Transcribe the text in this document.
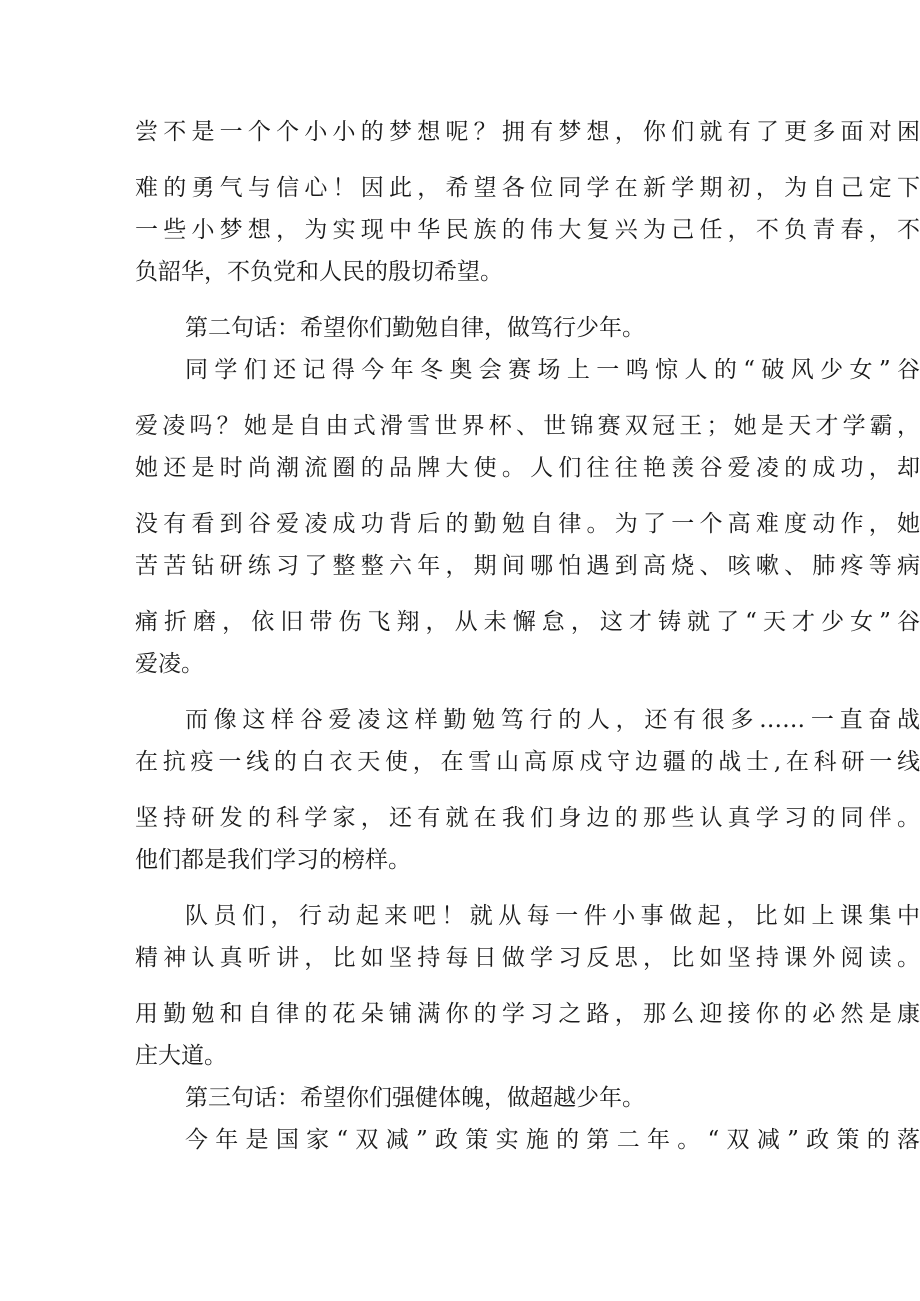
尝不是一个个小小的梦想呢？拥有梦想，你们就有了更多面对困
难的勇气与信心！因此，希望各位同学在新学期初，为自己定下
一些小梦想，为实现中华民族的伟大复兴为己任，不负青春，不
负韶华，不负党和人民的殷切希望。
第二句话：希望你们勤勉自律，做笃行少年。
同学们还记得今年冬奥会赛场上一鸣惊人的“破风少女”谷
爱凌吗？她是自由式滑雪世界杯、世锦赛双冠王；她是天才学霸，
她还是时尚潮流圈的品牌大使。人们往往艳羡谷爱凌的成功，却
没有看到谷爱凌成功背后的勤勉自律。为了一个高难度动作，她
苦苦钻研练习了整整六年，期间哪怕遇到高烧、咳嗽、肺疼等病
痛折磨，依旧带伤飞翔，从未懈怠，这才铸就了“天才少女”谷
爱凌。
而像这样谷爱凌这样勤勉笃行的人，还有很多……一直奋战
在抗疫一线的白衣天使，在雪山高原戍守边疆的战士,在科研一线
坚持研发的科学家，还有就在我们身边的那些认真学习的同伴。
他们都是我们学习的榜样。
队员们，行动起来吧！就从每一件小事做起，比如上课集中
精神认真听讲，比如坚持每日做学习反思，比如坚持课外阅读。
用勤勉和自律的花朵铺满你的学习之路，那么迎接你的必然是康
庄大道。
第三句话：希望你们强健体魄，做超越少年。
今年是国家“双减”政策实施的第二年。“双减”政策的落
